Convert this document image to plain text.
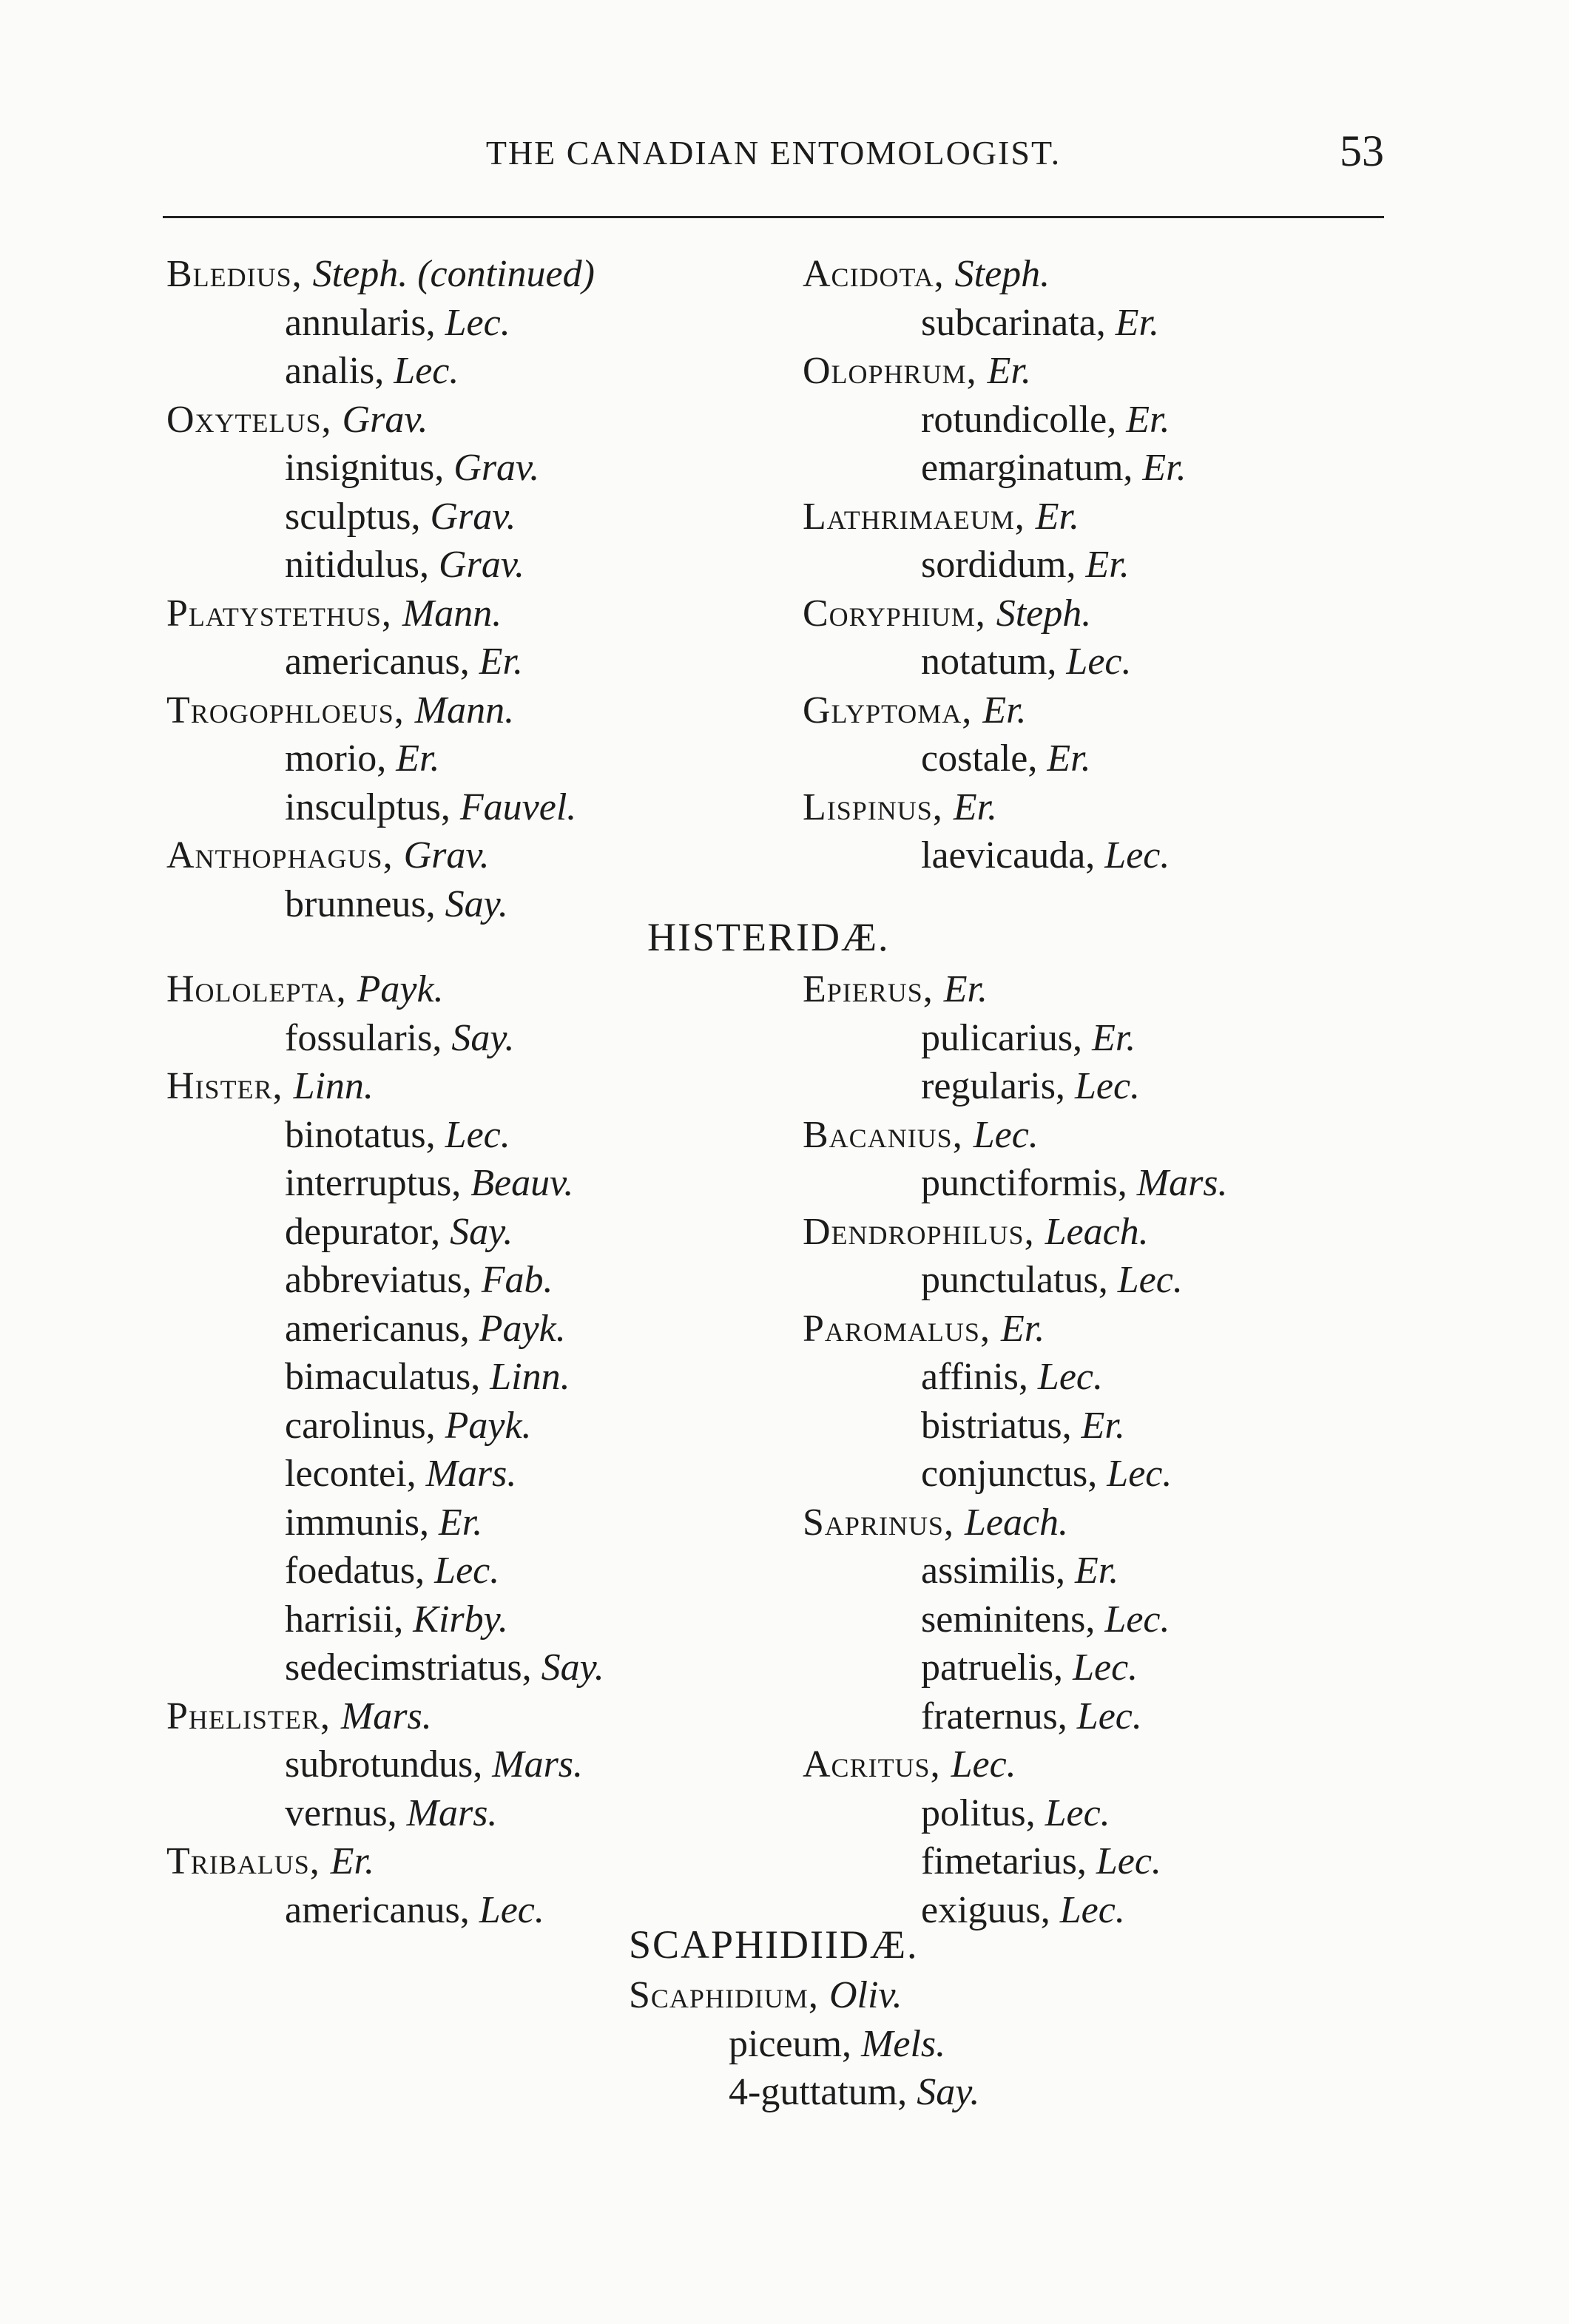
THE CANADIAN ENTOMOLOGIST.	53
Bledius, Steph. (continued)
annularis, Lec.
analis, Lec.
Oxytelus, Grav.
insignitus, Grav.
sculptus, Grav.
nitidulus, Grav.
Platystethus, Mann.
americanus, Er.
Trogophloeus, Mann.
morio, Er.
insculptus, Fauvel.
Anthophagus, Grav.
brunneus, Say.
Acidota, Steph.
subcarinata, Er.
Olophrum, Er.
rotundicolle, Er.
emarginatum, Er.
Lathrimaeum, Er.
sordidum, Er.
Coryphium, Steph.
notatum, Lec.
Glyptoma, Er.
costale, Er.
Lispinus, Er.
laevicauda, Lec.
HISTERIDÆ.
Hololepta, Payk.
fossularis, Say.
Hister, Linn.
binotatus, Lec.
interruptus, Beauv.
depurator, Say.
abbreviatus, Fab.
americanus, Payk.
bimaculatus, Linn.
carolinus, Payk.
lecontei, Mars.
immunis, Er.
foedatus, Lec.
harrisii, Kirby.
sedecimstriatus, Say.
Phelister, Mars.
subrotundus, Mars.
vernus, Mars.
Tribalus, Er.
americanus, Lec.
Epierus, Er.
pulicarius, Er.
regularis, Lec.
Bacanius, Lec.
punctiformis, Mars.
Dendrophilus, Leach.
punctulatus, Lec.
Paromalus, Er.
affinis, Lec.
bistriatus, Er.
conjunctus, Lec.
Saprinus, Leach.
assimilis, Er.
seminitens, Lec.
patruelis, Lec.
fraternus, Lec.
Acritus, Lec.
politus, Lec.
fimetarius, Lec.
exiguus, Lec.
SCAPHIDIIDÆ.
Scaphidium, Oliv.
piceum, Mels.
4-guttatum, Say.
